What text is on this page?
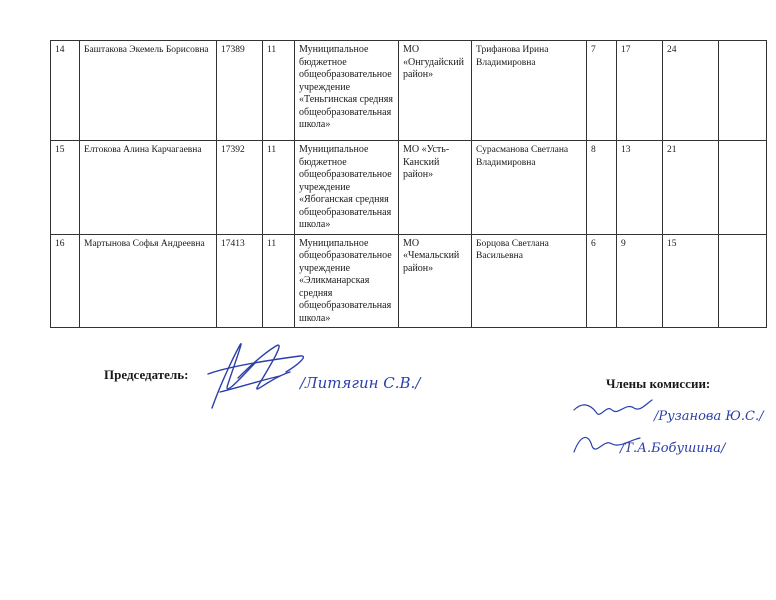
14	Баштакова Экемель Борисовна	17389	11	Муниципальное бюджетное общеобразовательное учреждение «Теньгинская средняя общеобразовательная школа»	МО «Онгудайский район»	Трифанова Ирина Владимировна	7	17	24	
15	Елтокова Алина Карчагаевна	17392	11	Муниципальное бюджетное общеобразовательное учреждение «Ябоганская средняя общеобразовательная школа»	МО «Усть-Канский район»	Сурасманова Светлана Владимировна	8	13	21	
16	Мартынова Софья Андреевна	17413	11	Муниципальное общеобразовательное учреждение «Эликманарская средняя общеобразовательная школа»	МО «Чемальский район»	Борцова Светлана Васильевна	6	9	15	
Председатель:
Члены комиссии:
/Литягин С.В./
/Рузанова Ю.С./
/Т.А.Бобушина/
